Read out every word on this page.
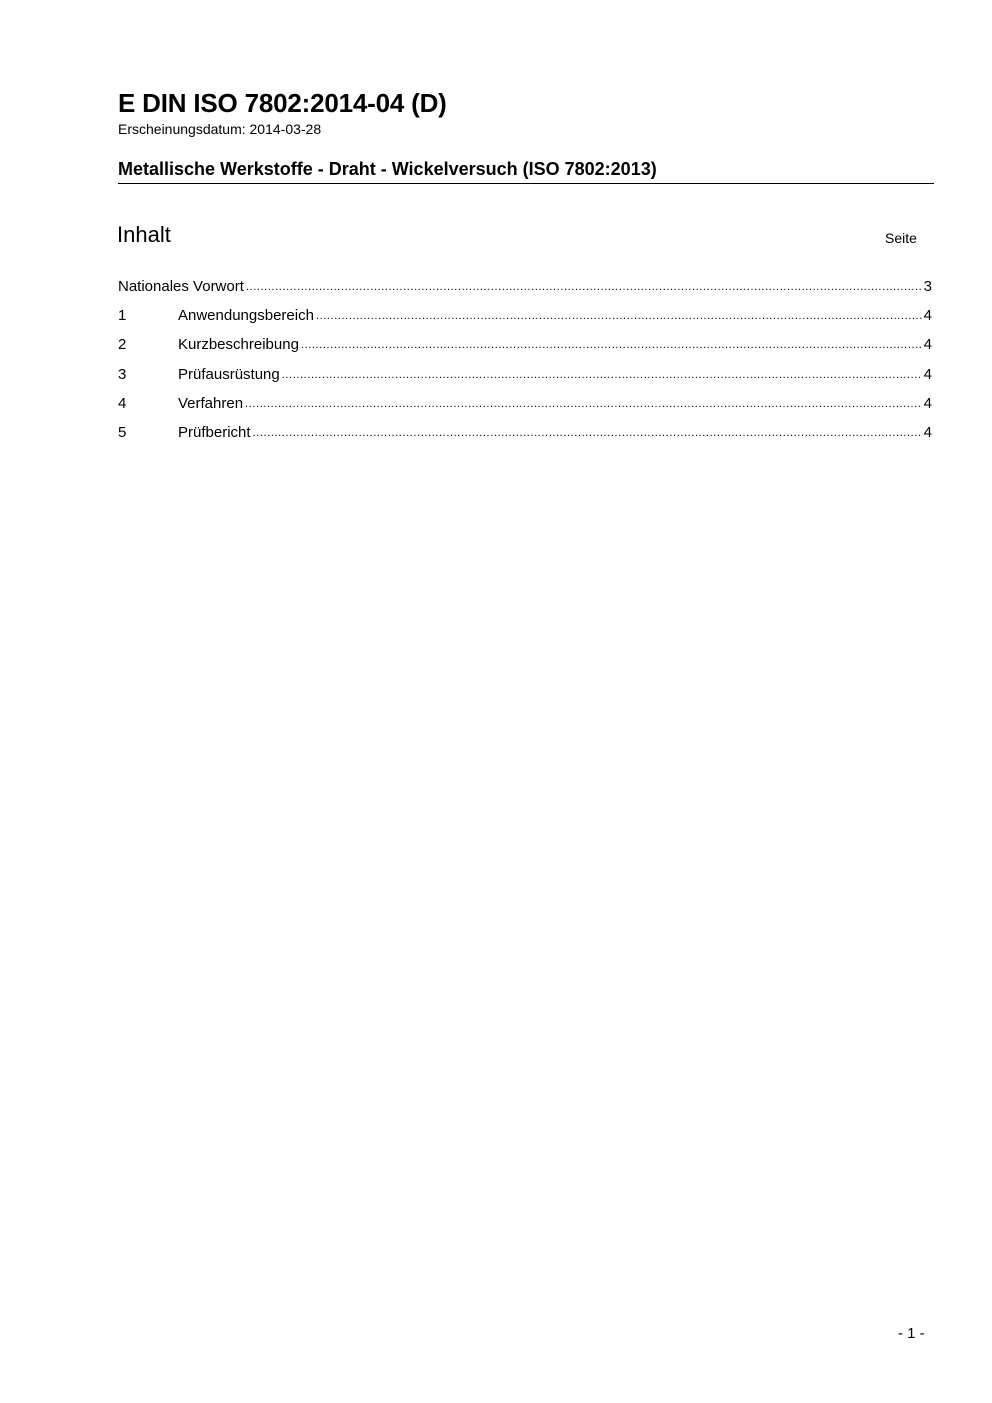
E DIN ISO 7802:2014-04 (D)
Erscheinungsdatum: 2014-03-28
Metallische Werkstoffe - Draht - Wickelversuch (ISO 7802:2013)
Inhalt	Seite
Nationales Vorwort .....	3
1	Anwendungsbereich .....	4
2	Kurzbeschreibung .....	4
3	Prüfausrüstung .....	4
4	Verfahren .....	4
5	Prüfbericht .....	4
- 1 -
